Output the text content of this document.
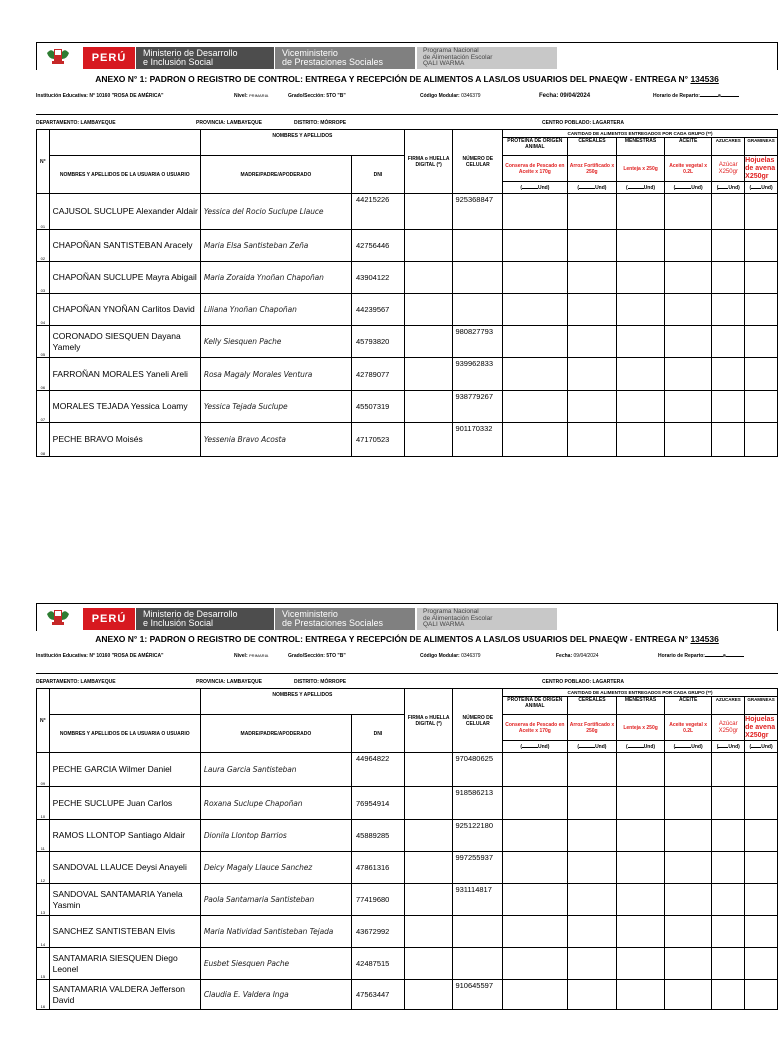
PERÚ	Ministerio de Desarrollo
e Inclusión Social
Viceministerio
de Prestaciones Sociales
Programa Nacional
de Alimentación Escolar
QALI WARMA
ANEXO N° 1: PADRON O REGISTRO DE CONTROL: ENTREGA Y RECEPCIÓN DE ALIMENTOS A LAS/LOS USUARIOS DEL PNAEQW - ENTREGA N° 134536
Institución Educativa: N° 10160 "ROSA DE AMÉRICA"	Nivel: PRIMARIA	Grado/Sección: 5TO "B"	Código Modular: 0346379	Fecha: 09/04/2024	Horario de Reparto:	a
DEPARTAMENTO: LAMBAYEQUE	PROVINCIA: LAMBAYEQUE	DISTRITO: MÓRROPE	CENTRO POBLADO: LAGARTERA
N°		NOMBRES Y APELLIDOS		FIRMA o HUELLA DIGITAL (*)	NÚMERO DE CELULAR	CANTIDAD DE ALIMENTOS ENTREGADOS POR CADA GRUPO (**)					
						PROTEINA DE ORIGEN ANIMAL	CEREALES	MENESTRAS	ACEITE	AZUCARES	GRAMINEAS
	NOMBRES Y APELLIDOS DE LA USUARIA O USUARIO	MADRE/PADRE/APODERADO	DNI			Conserva de Pescado en Aceite x 170g	Arroz Fortificado x 250g	Lenteja x 250g	Aceite vegetal x 0.2L	Azúcar X250gr	Hojuelas de avena X250gr
						( Und)	( Und)	( Und)	( Und)	( Und)	( Und)
01	CAJUSOL SUCLUPE Alexander Aldair	Yessica del Rocio Suclupe Llauce	44215226		925368847						
02	CHAPOÑAN SANTISTEBAN Aracely	Maria Elsa Santisteban Zeña	42756446								
03	CHAPOÑAN SUCLUPE Mayra Abigail	Maria Zoraida Ynoñan Chapoñan	43904122								
04	CHAPOÑAN YNOÑAN Carlitos David	Liliana Ynoñan Chapoñan	44239567								
05	CORONADO SIESQUEN Dayana Yamely	Kelly Siesquen Pache	45793820		980827793						
06	FARROÑAN MORALES Yaneli Areli	Rosa Magaly Morales Ventura	42789077		939962833						
07	MORALES TEJADA Yessica Loamy	Yessica Tejada Suclupe	45507319		938779267						
08	PECHE BRAVO Moisés	Yessenia Bravo Acosta	47170523		901170332						
PERÚ	Ministerio de Desarrollo
e Inclusión Social
Viceministerio
de Prestaciones Sociales
Programa Nacional
de Alimentación Escolar
QALI WARMA
ANEXO N° 1: PADRON O REGISTRO DE CONTROL: ENTREGA Y RECEPCIÓN DE ALIMENTOS A LAS/LOS USUARIOS DEL PNAEQW - ENTREGA N° 134536
Institución Educativa: N° 10160 "ROSA DE AMÉRICA"	Nivel: PRIMARIA	Grado/Sección: 5TO "B"	Código Modular: 0346379	Fecha: 09/04/2024	Horario de Reparto:	a
DEPARTAMENTO: LAMBAYEQUE	PROVINCIA: LAMBAYEQUE	DISTRITO: MÓRROPE	CENTRO POBLADO: LAGARTERA
N°		NOMBRES Y APELLIDOS		FIRMA o HUELLA DIGITAL (*)	NÚMERO DE CELULAR	CANTIDAD DE ALIMENTOS ENTREGADOS POR CADA GRUPO (**)					
						PROTEINA DE ORIGEN ANIMAL	CEREALES	MENESTRAS	ACEITE	AZUCARES	GRAMINEAS
	NOMBRES Y APELLIDOS DE LA USUARIA O USUARIO	MADRE/PADRE/APODERADO	DNI			Conserva de Pescado en Aceite x 170g	Arroz Fortificado x 250g	Lenteja x 250g	Aceite vegetal x 0.2L	Azúcar X250gr	Hojuelas de avena X250gr
						( Und)	( Und)	( Und)	( Und)	( Und)	( Und)
09	PECHE GARCIA Wilmer Daniel	Laura Garcia Santisteban	44964822		970480625						
10	PECHE SUCLUPE Juan Carlos	Roxana Suclupe Chapoñan	76954914		918586213						
11	RAMOS LLONTOP Santiago Aldair	Dionila Llontop Barrios	45889285		925122180						
12	SANDOVAL LLAUCE Deysi Anayeli	Deicy Magaly Llauce Sanchez	47861316		997255937						
13	SANDOVAL SANTAMARIA Yanela Yasmin	Paola Santamaria Santisteban	77419680		931114817						
14	SANCHEZ SANTISTEBAN Elvis	Maria Natividad Santisteban Tejada	43672992								
15	SANTAMARIA SIESQUEN Diego Leonel	Eusbet Siesquen Pache	42487515								
16	SANTAMARIA VALDERA Jefferson David	Claudia E. Valdera Inga	47563447		910645597						
